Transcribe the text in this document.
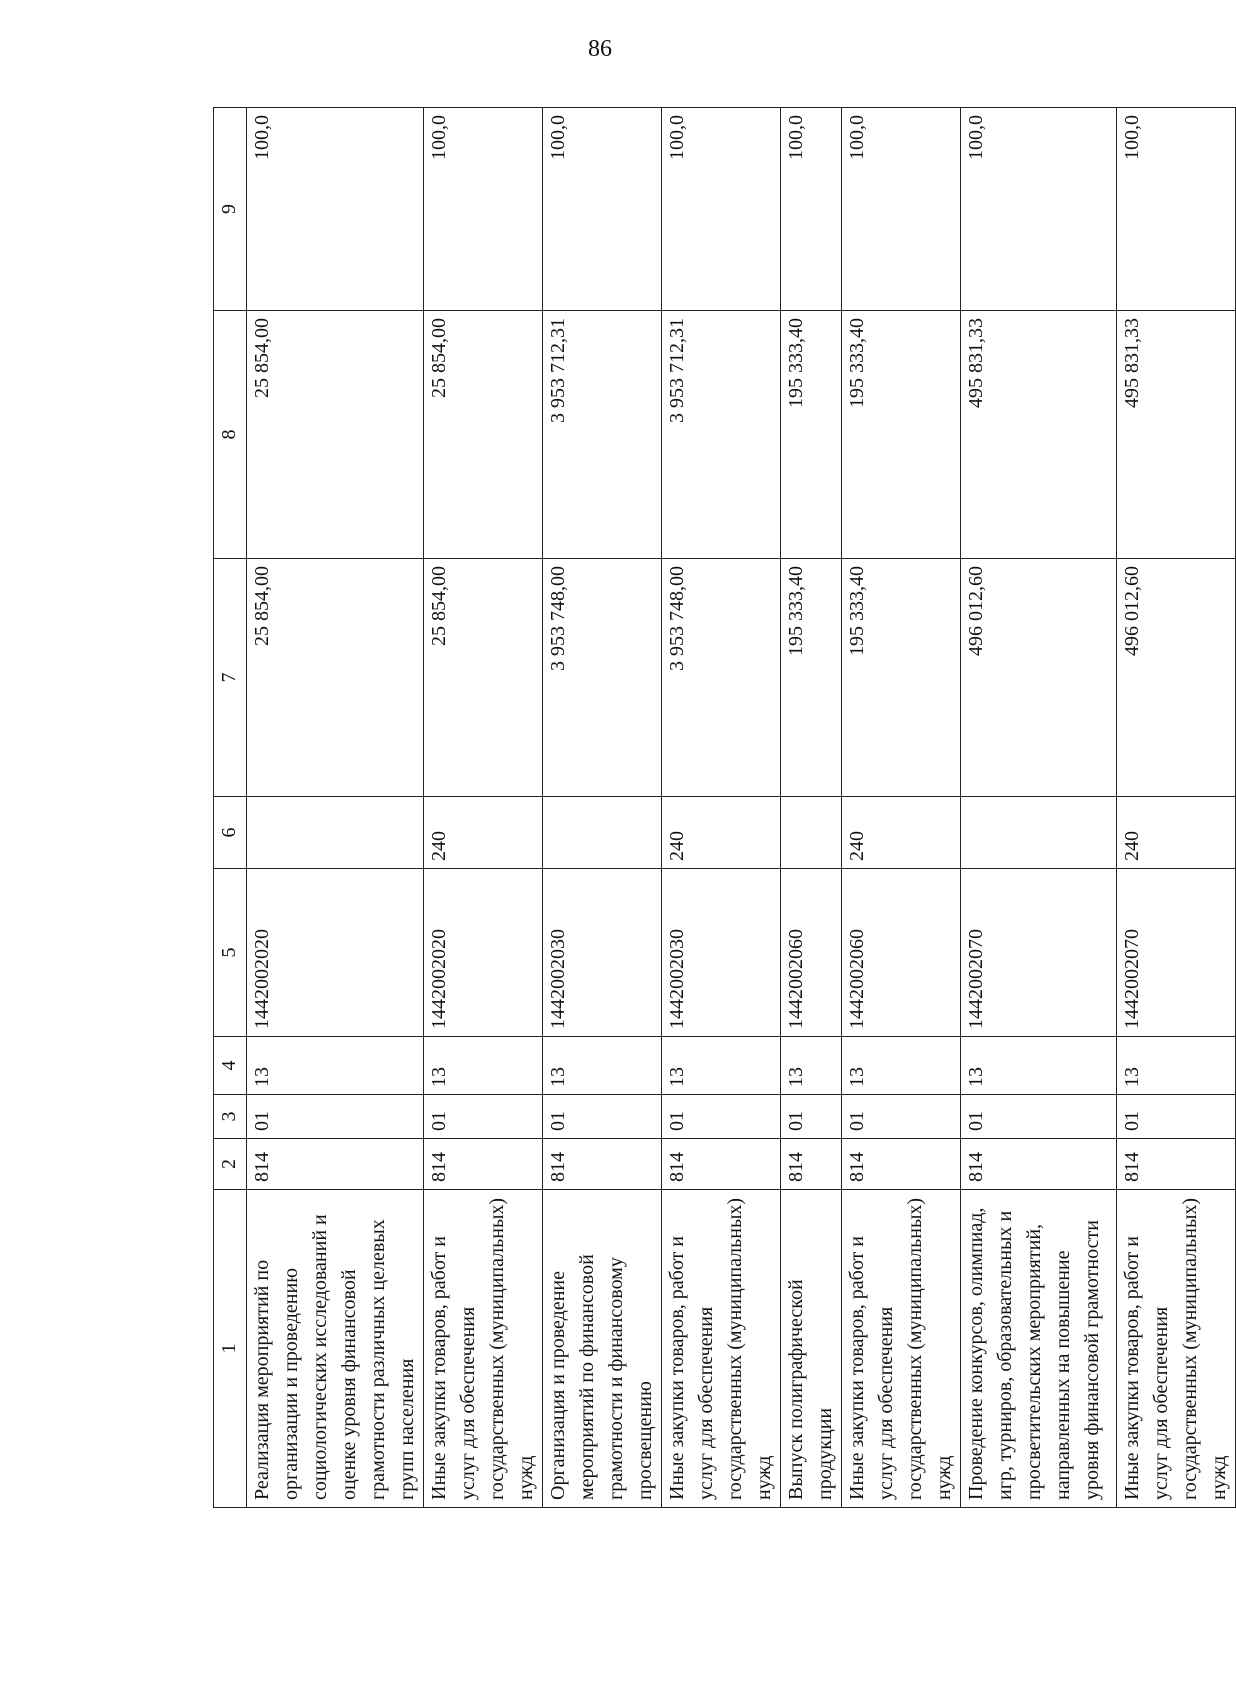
86
1	2	3	4	5	6	7	8	9
Реализация мероприятий по организации и проведению социологических исследований и оценке уровня финансовой грамотности различных целевых групп населения	814	01	13	1442002020		25 854,00	25 854,00	100,0
Иные закупки товаров, работ и услуг для обеспечения государственных (муниципальных) нужд	814	01	13	1442002020	240	25 854,00	25 854,00	100,0
Организация и проведение мероприятий по финансовой грамотности и финансовому просвещению	814	01	13	1442002030		3 953 748,00	3 953 712,31	100,0
Иные закупки товаров, работ и услуг для обеспечения государственных (муниципальных) нужд	814	01	13	1442002030	240	3 953 748,00	3 953 712,31	100,0
Выпуск полиграфической продукции	814	01	13	1442002060		195 333,40	195 333,40	100,0
Иные закупки товаров, работ и услуг для обеспечения государственных (муниципальных) нужд	814	01	13	1442002060	240	195 333,40	195 333,40	100,0
Проведение конкурсов, олимпиад, игр, турниров, образовательных и просветительских мероприятий, направленных на повышение уровня финансовой грамотности	814	01	13	1442002070		496 012,60	495 831,33	100,0
Иные закупки товаров, работ и услуг для обеспечения государственных (муниципальных) нужд	814	01	13	1442002070	240	496 012,60	495 831,33	100,0
